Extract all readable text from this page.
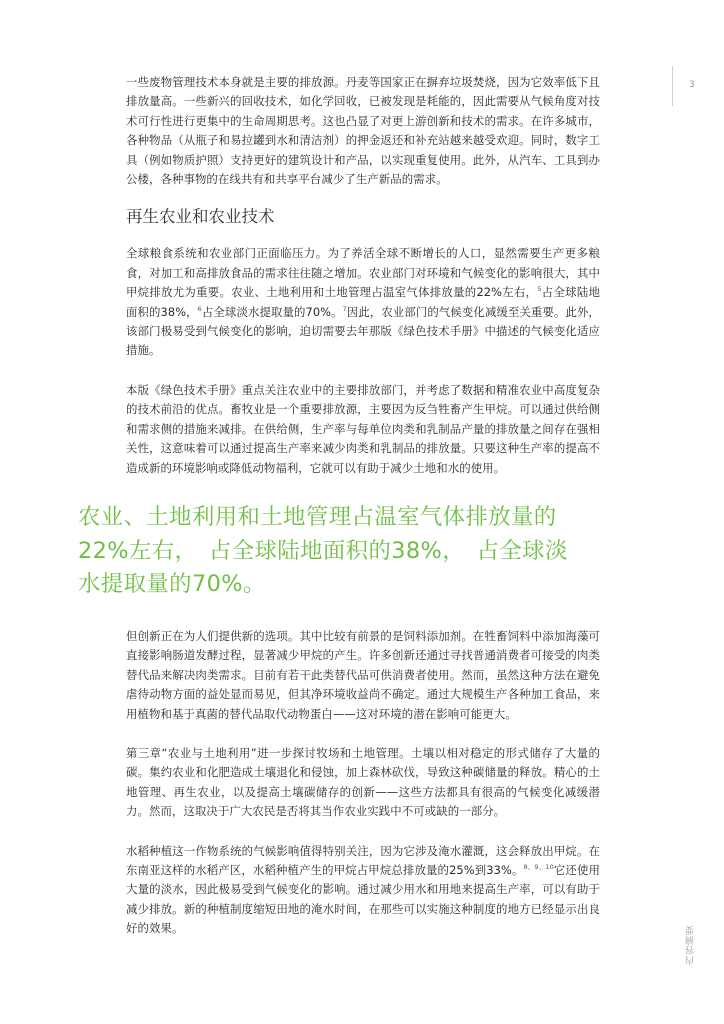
3
内容摘要

一些废物管理技术本身就是主要的排放源。丹麦等国家正在摒弃垃圾焚烧，因为它效率低下且排放量高。一些新兴的回收技术，如化学回收，已被发现是耗能的，因此需要从气候角度对技术可行性进行更集中的生命周期思考。这也凸显了对更上游创新和技术的需求。在许多城市，各种物品（从瓶子和易拉罐到水和清洁剂）的押金返还和补充站越来越受欢迎。同时，数字工具（例如物质护照）支持更好的建筑设计和产品，以实现重复使用。此外，从汽车、工具到办公楼，各种事物的在线共有和共享平台减少了生产新品的需求。

再生农业和农业技术

全球粮食系统和农业部门正面临压力。为了养活全球不断增长的人口，显然需要生产更多粮食，对加工和高排放食品的需求往往随之增加。农业部门对环境和气候变化的影响很大，其中甲烷排放尤为重要。农业、土地利用和土地管理占温室气体排放量的22%左右，$^5$占全球陆地面积的38%，$^6$占全球淡水提取量的70%。$^7$因此，农业部门的气候变化减缓至关重要。此外，该部门极易受到气候变化的影响，迫切需要去年那版《绿色技术手册》中描述的气候变化适应措施。

本版《绿色技术手册》重点关注农业中的主要排放部门，并考虑了数据和精准农业中高度复杂的技术前沿的优点。畜牧业是一个重要排放源，主要因为反刍牲畜产生甲烷。可以通过供给侧和需求侧的措施来减排。在供给侧，生产率与每单位肉类和乳制品产量的排放量之间存在强相关性，这意味着可以通过提高生产率来减少肉类和乳制品的排放量。只要这种生产率的提高不造成新的环境影响或降低动物福利，它就可以有助于减少土地和水的使用。

农业、土地利用和土地管理占温室气体排放量的
22%左右，　占全球陆地面积的38%，　占全球淡
水提取量的70%。

但创新正在为人们提供新的选项。其中比较有前景的是饲料添加剂。在牲畜饲料中添加海藻可直接影响肠道发酵过程，显著减少甲烷的产生。许多创新还通过寻找普通消费者可接受的肉类替代品来解决肉类需求。目前有若干此类替代品可供消费者使用。然而，虽然这种方法在避免虐待动物方面的益处显而易见，但其净环境收益尚不确定。通过大规模生产各种加工食品，来用植物和基于真菌的替代品取代动物蛋白——这对环境的潜在影响可能更大。

第三章“农业与土地利用”进一步探讨牧场和土地管理。土壤以相对稳定的形式储存了大量的碳。集约农业和化肥造成土壤退化和侵蚀，加上森林砍伐，导致这种碳储量的释放。精心的土地管理、再生农业，以及提高土壤碳储存的创新——这些方法都具有很高的气候变化减缓潜力。然而，这取决于广大农民是否将其当作农业实践中不可或缺的一部分。

水稻种植这一作物系统的气候影响值得特别关注，因为它涉及淹水灌溉，这会释放出甲烷。在东南亚这样的水稻产区，水稻种植产生的甲烷占甲烷总排放量的25%到33%。$^{8、9、10}$它还使用大量的淡水，因此极易受到气候变化的影响。通过减少用水和用地来提高生产率，可以有助于减少排放。新的种植制度缩短田地的淹水时间，在那些可以实施这种制度的地方已经显示出良好的效果。
